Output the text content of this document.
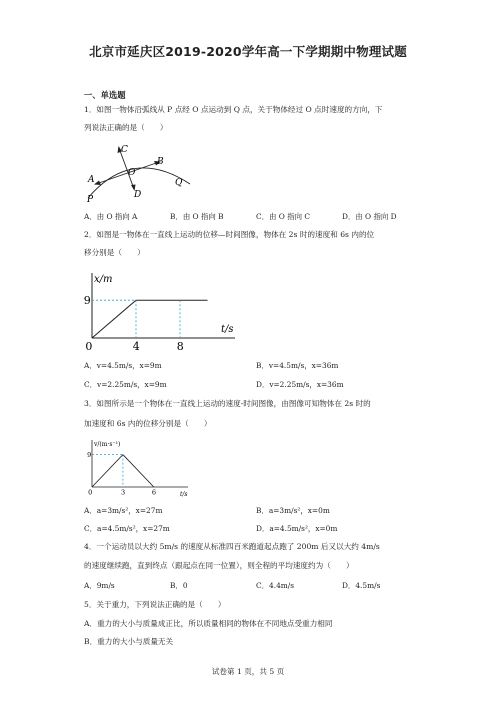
北京市延庆区2019-2020学年高一下学期期中物理试题
一、单选题
1．如图一物体沿弧线从 P 点经 O 点运动到 Q 点，关于物体经过 O 点时速度的方向，下
列说法正确的是（　　）
C
B
O
A	Q
D
P
A．由 O 指向 A	B．由 O 指向 B	C．由 O 指向 C	D．由 O 指向 D
2．如图是一物体在一直线上运动的位移—时间图像，物体在 2s 时的速度和 6s 内的位
移分别是（　　）
x/m
t/s
0	4	8
9
A．v=4.5m/s，x=9m	B．v=4.5m/s，x=36m
C．v=2.25m/s，x=9m	D．v=2.25m/s，x=36m
3．如图所示是一个物体在一直线上运动的速度-时间图像，由图像可知物体在 2s 时的
加速度和 6s 内的位移分别是（　　）
v/(m·s⁻¹)
t/s
0	3	6
9
A．a=3m/s²，x=27m	B．a=3m/s²，x=0m
C．a=4.5m/s²，x=27m	D．a=4.5m/s²，x=0m
4．一个运动员以大约 5m/s 的速度从标准四百米跑道起点跑了 200m 后又以大约 4m/s
的速度继续跑，直到终点（跟起点在同一位置），则全程的平均速度约为（　　）
A．9m/s	B．0	C．4.4m/s	D．4.5m/s
5．关于重力，下列说法正确的是（　　）
A．重力的大小与质量成正比，所以质量相同的物体在不同地点受重力相同
B．重力的大小与质量无关
试卷第 1 页，共 5 页
